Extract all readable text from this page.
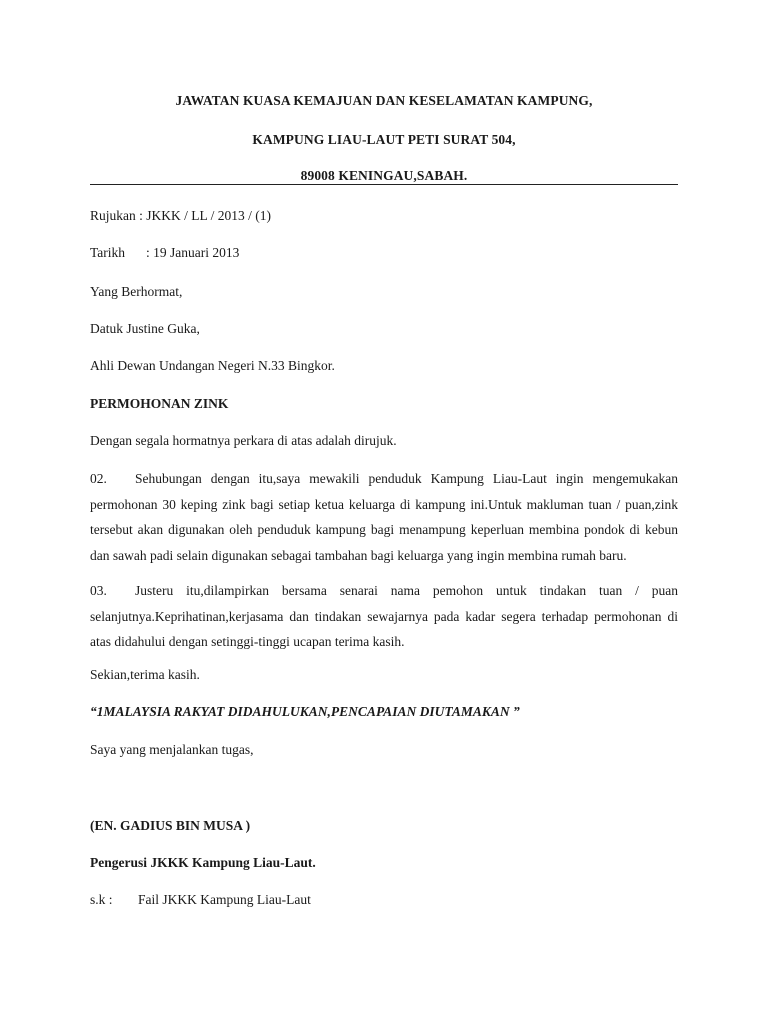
JAWATAN KUASA KEMAJUAN DAN KESELAMATAN KAMPUNG,
KAMPUNG LIAU-LAUT PETI SURAT 504,
89008 KENINGAU,SABAH.
Rujukan : JKKK / LL / 2013 / (1)
Tarikh : 19 Januari 2013
Yang Berhormat,
Datuk Justine Guka,
Ahli Dewan Undangan Negeri N.33 Bingkor.
PERMOHONAN ZINK
Dengan segala hormatnya perkara di atas adalah dirujuk.
02. Sehubungan dengan itu,saya mewakili penduduk Kampung Liau-Laut ingin mengemukakan
permohonan 30 keping zink bagi setiap ketua keluarga di kampung ini.Untuk makluman tuan / puan,zink
tersebut akan digunakan oleh penduduk kampung bagi menampung keperluan membina pondok di kebun
dan sawah padi selain digunakan sebagai tambahan bagi keluarga yang ingin membina rumah baru.
03. Justeru itu,dilampirkan bersama senarai nama pemohon untuk tindakan tuan / puan
selanjutnya.Keprihatinan,kerjasama dan tindakan sewajarnya pada kadar segera terhadap permohonan di
atas didahului dengan setinggi-tinggi ucapan terima kasih.
Sekian,terima kasih.
“1MALAYSIA RAKYAT DIDAHULUKAN,PENCAPAIAN DIUTAMAKAN ”
Saya yang menjalankan tugas,
(EN. GADIUS BIN MUSA )
Pengerusi JKKK Kampung Liau-Laut.
s.k : Fail JKKK Kampung Liau-Laut
